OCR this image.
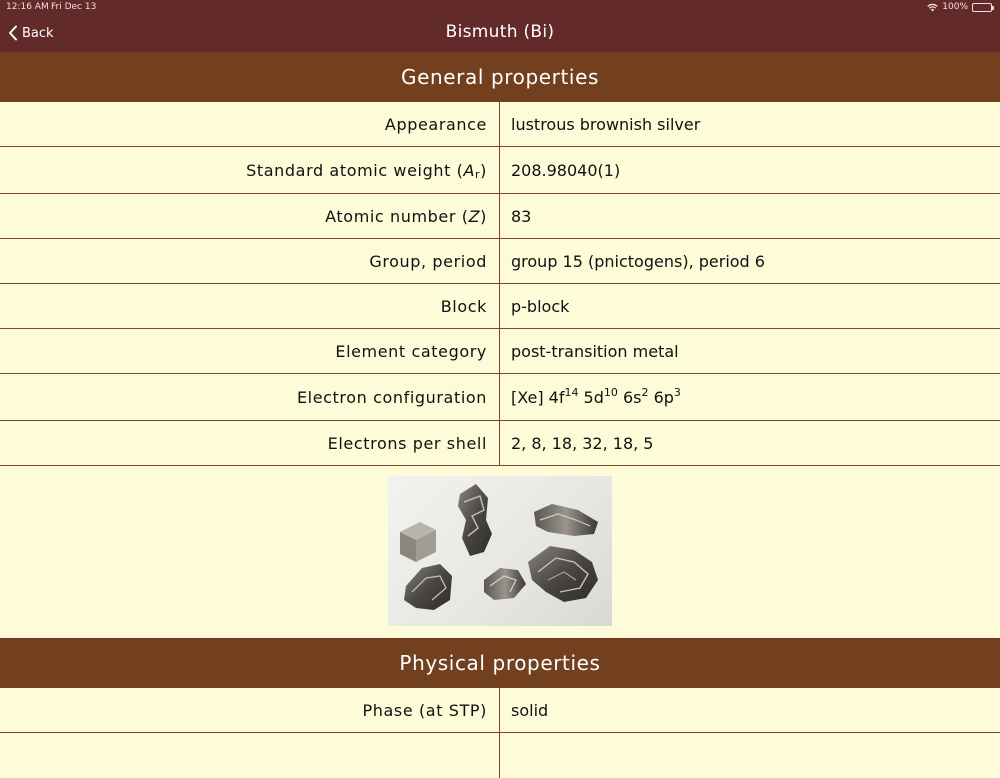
12:16 AM Fri Dec 13	100%
Bismuth (Bi)
Back
General properties
Appearance	lustrous brownish silver
Standard atomic weight ( $A_r$ ) 208.98040(1)
Atomic number ( Z ) 83
Group, period	group 15 (pnictogens), period 6
Block	p-block
Element category	post-transition metal
Electron configuration	[Xe] $4f^{14}$ $5d^{10}$ $6s^2$ $6p^3$
Electrons per shell	2, 8, 18, 32, 18, 5
Physical properties
Phase (at STP)	solid
